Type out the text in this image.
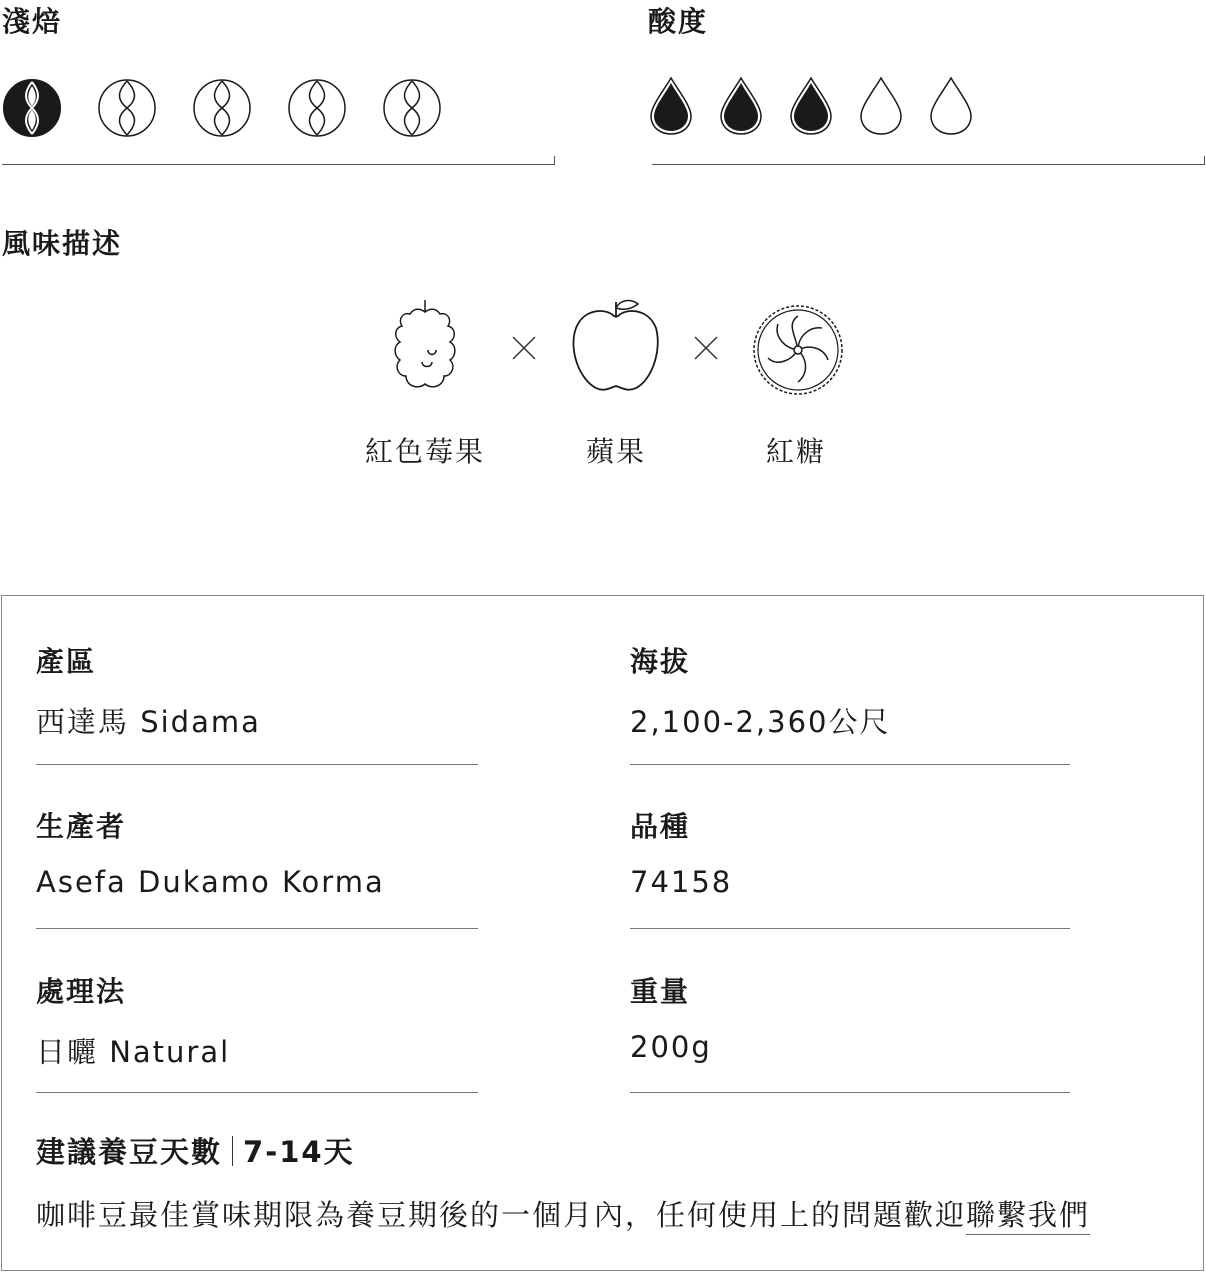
淺焙	酸度
風味描述
紅色莓果	蘋果	紅糖
產區
西達馬 Sidama
海拔
2,100-2,360公尺
生產者
Asefa Dukamo Korma
品種
74158
處理法
日曬 Natural
重量
200g
建議養豆天數 7-14天
咖啡豆最佳賞味期限為養豆期後的一個月內，任何使用上的問題歡迎聯繫我們
